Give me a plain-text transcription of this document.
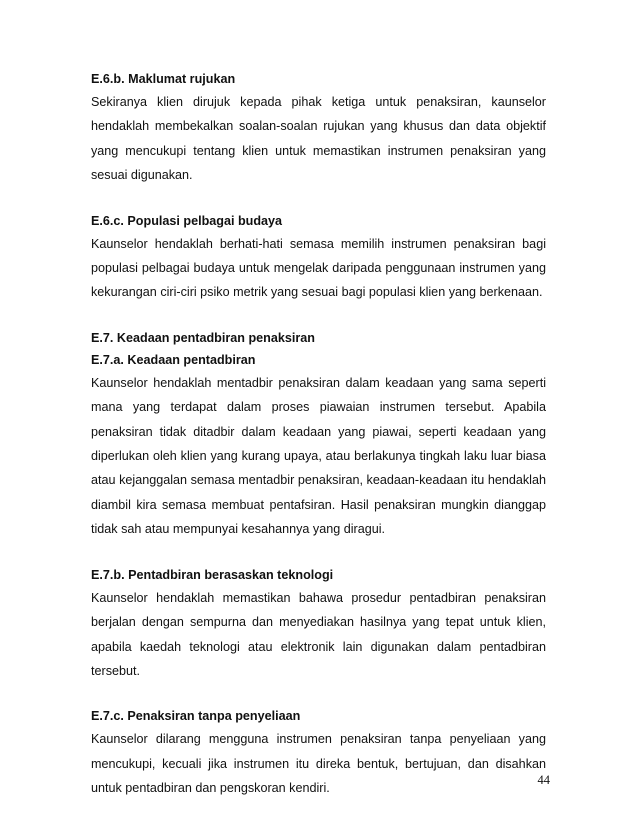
E.6.b. Maklumat rujukan

Sekiranya klien dirujuk kepada pihak ketiga untuk penaksiran, kaunselor hendaklah membekalkan soalan-soalan rujukan yang khusus dan data objektif yang mencukupi tentang klien untuk memastikan instrumen penaksiran yang sesuai digunakan.

E.6.c. Populasi pelbagai budaya

Kaunselor hendaklah berhati-hati semasa memilih instrumen penaksiran bagi populasi pelbagai budaya untuk mengelak daripada penggunaan instrumen yang kekurangan ciri-ciri psiko metrik yang sesuai bagi populasi klien yang berkenaan.

E.7. Keadaan pentadbiran penaksiran

E.7.a. Keadaan pentadbiran

Kaunselor hendaklah mentadbir penaksiran dalam keadaan yang sama seperti mana yang terdapat dalam proses piawaian instrumen tersebut. Apabila penaksiran tidak ditadbir dalam keadaan yang piawai, seperti keadaan yang diperlukan oleh klien yang kurang upaya, atau berlakunya tingkah laku luar biasa atau kejanggalan semasa mentadbir penaksiran, keadaan-keadaan itu hendaklah diambil kira semasa membuat pentafsiran. Hasil penaksiran mungkin dianggap tidak sah atau mempunyai kesahannya yang diragui.

E.7.b. Pentadbiran berasaskan teknologi

Kaunselor hendaklah memastikan bahawa prosedur pentadbiran penaksiran berjalan dengan sempurna dan menyediakan hasilnya yang tepat untuk klien, apabila kaedah teknologi atau elektronik lain digunakan dalam pentadbiran tersebut.

E.7.c. Penaksiran tanpa penyeliaan

Kaunselor dilarang mengguna instrumen penaksiran tanpa penyeliaan yang mencukupi, kecuali jika instrumen itu direka bentuk, bertujuan, dan disahkan untuk pentadbiran dan pengskoran kendiri.

44
